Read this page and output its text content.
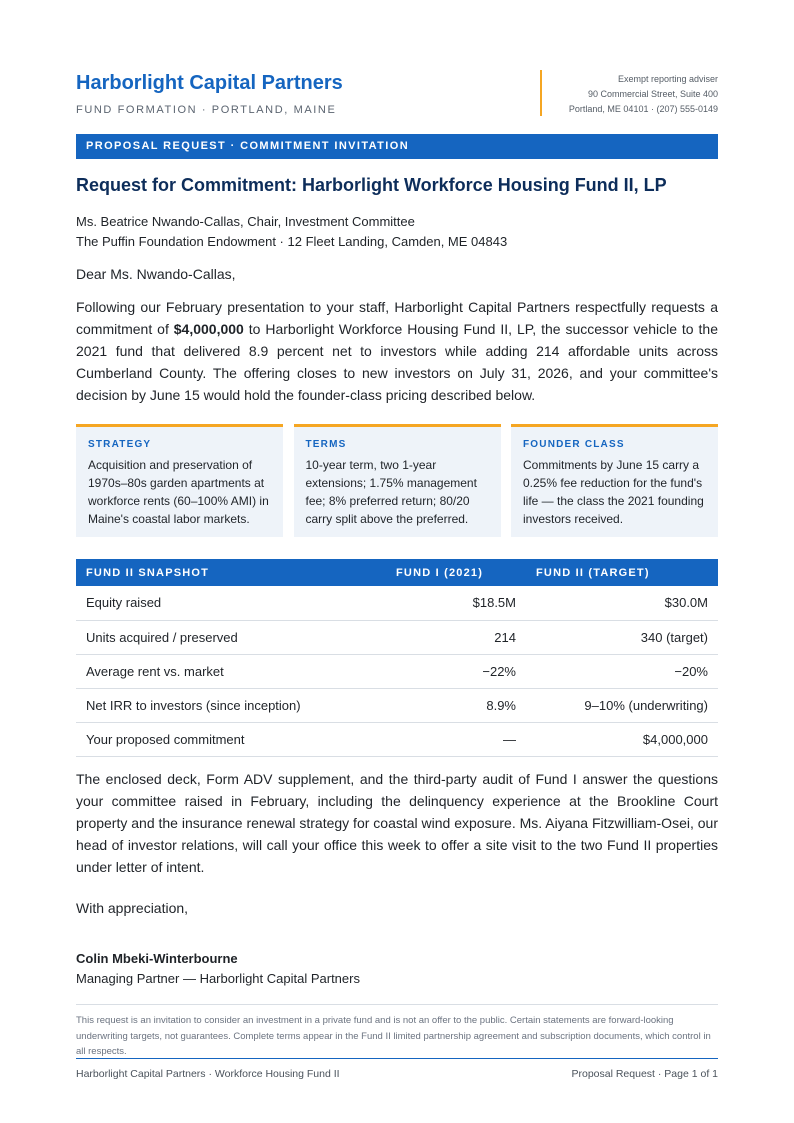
Harborlight Capital Partners
FUND FORMATION · PORTLAND, MAINE
Exempt reporting adviser
90 Commercial Street, Suite 400
Portland, ME 04101 · (207) 555-0149
PROPOSAL REQUEST · COMMITMENT INVITATION
Request for Commitment: Harborlight Workforce Housing Fund II, LP
Ms. Beatrice Nwando-Callas, Chair, Investment Committee
The Puffin Foundation Endowment · 12 Fleet Landing, Camden, ME 04843
Dear Ms. Nwando-Callas,

Following our February presentation to your staff, Harborlight Capital Partners respectfully requests a commitment of $4,000,000 to Harborlight Workforce Housing Fund II, LP, the successor vehicle to the 2021 fund that delivered 8.9 percent net to investors while adding 214 affordable units across Cumberland County. The offering closes to new investors on July 31, 2026, and your committee's decision by June 15 would hold the founder-class pricing described below.

STRATEGY
Acquisition and preservation of 1970s–80s garden apartments at workforce rents (60–100% AMI) in Maine's coastal labor markets.
TERMS
10-year term, two 1-year extensions; 1.75% management fee; 8% preferred return; 80/20 carry split above the preferred.
FOUNDER CLASS
Commitments by June 15 carry a 0.25% fee reduction for the fund's life — the class the 2021 founding investors received.
FUND II SNAPSHOT	FUND I (2021)	FUND II (TARGET)
Equity raised	$18.5M	$30.0M
Units acquired / preserved	214	340 (target)
Average rent vs. market	−22%	−20%
Net IRR to investors (since inception)	8.9%	9–10% (underwriting)
Your proposed commitment	—	$4,000,000

The enclosed deck, Form ADV supplement, and the third-party audit of Fund I answer the questions your committee raised in February, including the delinquency experience at the Brookline Court property and the insurance renewal strategy for coastal wind exposure. Ms. Aiyana Fitzwilliam-Osei, our head of investor relations, will call your office this week to offer a site visit to the two Fund II properties under letter of intent.

With appreciation,
Colin Mbeki-Winterbourne
Managing Partner — Harborlight Capital Partners
This request is an invitation to consider an investment in a private fund and is not an offer to the public. Certain statements are forward-looking underwriting targets, not guarantees. Complete terms appear in the Fund II limited partnership agreement and subscription documents, which control in all respects.
Harborlight Capital Partners · Workforce Housing Fund II	Proposal Request · Page 1 of 1
